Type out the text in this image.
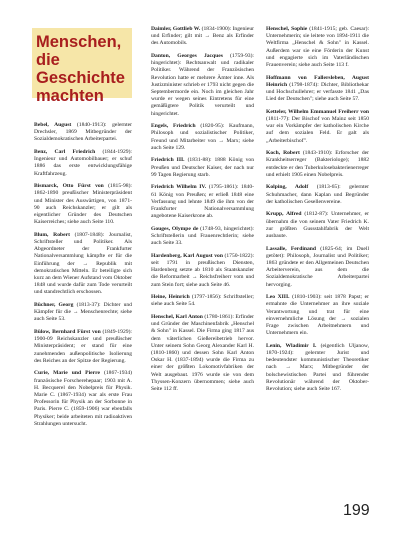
Menschen, die Geschichte machten

Bebel, August (1840-1913): gelernter Drechsler, 1869 Mitbegründer der Sozialdemokratischen Arbeiterpartei.

Benz, Carl Friedrich (1844-1929): Ingenieur und Automobilbauer; er schuf 1886 das erste entwicklungsfähige Kraftfahrzeug.

Bismarck, Otto Fürst von (1815-98): 1862-1890 preußischer Ministerpräsident und Minister des Auswärtigen, von 1871-90 auch Reichskanzler; er gilt als eigentlicher Gründer des Deutschen Kaiserreiches; siehe auch Seite 110.

Blum, Robert (1807-1848): Journalist, Schriftsteller und Politiker. Als Abgeordneter der Frankfurter Nationalversammlung kämpfte er für die Einführung der → Republik mit demokratischen Mitteln. Er beteiligte sich kurz an dem Wiener Aufstand vom Oktober 1848 und wurde dafür zum Tode verurteilt und standrechtlich erschossen.

Büchner, Georg (1813-37): Dichter und Kämpfer für die → Menschenrechte; siehe auch Seite 53.

Bülow, Bernhard Fürst von (1849-1929): 1900-09 Reichskanzler und preußischer Ministerpräsident; er stand für eine zunehmenden außenpolitische Isolierung des Reiches an der Spitze der Regierung.

Curie, Marie und Pierre (1867-1934) französische Forscherehepaar; 1903 mit A. H. Becquerel den Nobelpreis für Physik. Marie C. (1867-1934) war als erste Frau Professorin für Physik an der Sorbonne in Paris. Pierre C. (1859-1906) war ebenfalls Physiker; beide arbeiteten mit radioaktiven Strahlungen untersucht.

Daimler, Gottlieb W. (1834-1900): Ingenieur und Erfinder; gilt mit → Benz als Erfinder des Automobils.

Danton, Georges Jacques (1759-93): hingerichtet): Rechtsanwalt und radikaler Politiker. Während der Französischen Revolution hatte er mehrere Ämter inne. Als Justizminister schrieb er 1793 nicht gegen die Septembermorde ein. Noch im gleichen Jahr wurde er wegen seines Eintretens für eine gemäßigtere Politik verurteilt und hingerichtet.

Engels, Friedrich (1820-95): Kaufmann, Philosoph und sozialistischer Politiker, Freund und Mitarbeiter von → Marx; siehe auch Seite 129.

Friedrich III. (1831-88): 1888 König von Preußen und Deutscher Kaiser, der nach nur 99 Tagen Regierung starb.

Friedrich Wilhelm IV. (1795-1861): 1840-61 König von Preußen; er erließ 1848 eine Verfassung und lehnte 1849 die ihm von der Frankfurter Nationalversammlung angebotene Kaiserkrone ab.

Gouges, Olympe de (1748-93, hingerichtet): Schriftstellerin und Frauenrechtlerin; siehe auch Seite 33.

Hardenberg, Karl August von (1750-1822): seit 1791 in preußischen Diensten, Hardenberg setzte ab 1810 als Staatskanzler die Reformarbeit → Reichsfreiherr vom und zum Stein fort; siehe auch Seite 46.

Heine, Heinrich (1797-1856): Schriftsteller; siehe auch Seite 54.

Henschel, Karl Anton (1780-1861): Erfinder und Gründer der Maschinenfabrik „Henschel & Sohn" in Kassel. Die Firma ging 1817 aus dem väterlichen Gießereibetrieb hervor. Unter seinem Sohn Georg Alexander Karl H. (1810-1860) und dessen Sohn Karl Anton Oskar H. (1837-1894) wurde die Firma zu einer der größten Lokomotivfabriken der Welt ausgebaut. 1976 wurde sie von dem Thyssen-Konzern übernommen; siehe auch Seite 112 ff.

Henschel, Sophie (1841-1915; geb. Caesar): Unternehmerin; sie leitete von 1894-1911 die Weltfirma „Henschel & Sohn" in Kassel. Außerdem war sie eine Förderin der Kunst und engagierte sich im Vaterländischen Frauenverein; siehe auch Seite 113 f.

Hoffmann von Fallersleben, August Heinrich (1798-1874): Dichter, Bibliothekar und Hochschullehrer; er verfasste 1841 „Das Lied der Deutschen"; siehe auch Seite 57.

Ketteler, Wilhelm Emmanuel Freiherr von (1811-77): Der Bischof von Mainz seit 1850 war ein Vorkämpfer der katholischen Kirche auf dem sozialen Feld. Er galt als „Arbeiterbischof".

Koch, Robert (1843-1910): Erforscher der Krankheitserreger (Bakteriologe); 1882 entdeckte er den Tuberkulosebakterienerreger und erhielt 1905 einen Nobelpreis.

Kolping, Adolf (1813-65): gelernter Schuhmacher, dann Kaplan und Begründer der katholischen Gesellenvereine.

Krupp, Alfred (1812-87): Unternehmer, er übernahm die von seinem Vater Friedrich K. zur größten Gussstahlfabrik der Welt ausbaute.

Lassalle, Ferdinand (1825-64; im Duell getötet): Philosoph, Journalist und Politiker; 1863 gründete er den Allgemeinen Deutschen Arbeiterverein, aus dem die Sozialdemokratische Arbeiterpartei hervorging.

Leo XIII. (1810-1903): seit 1878 Papst; er ermahnte die Unternehmer an ihre soziale Verantwortung und trat für eine einvernehmliche Lösung der → sozialen Frage zwischen Arbeitnehmern und Unternehmern ein.

Lenin, Wladimir I. (eigentlich Uljanow, 1870-1924): gelernter Jurist und bedeutendster kommunistischer Theoretiker nach → Marx; Mitbegründer der bolschewistischen Partei und führender Revolutionär während der Oktober-Revolution; siehe auch Seite 167.

199
